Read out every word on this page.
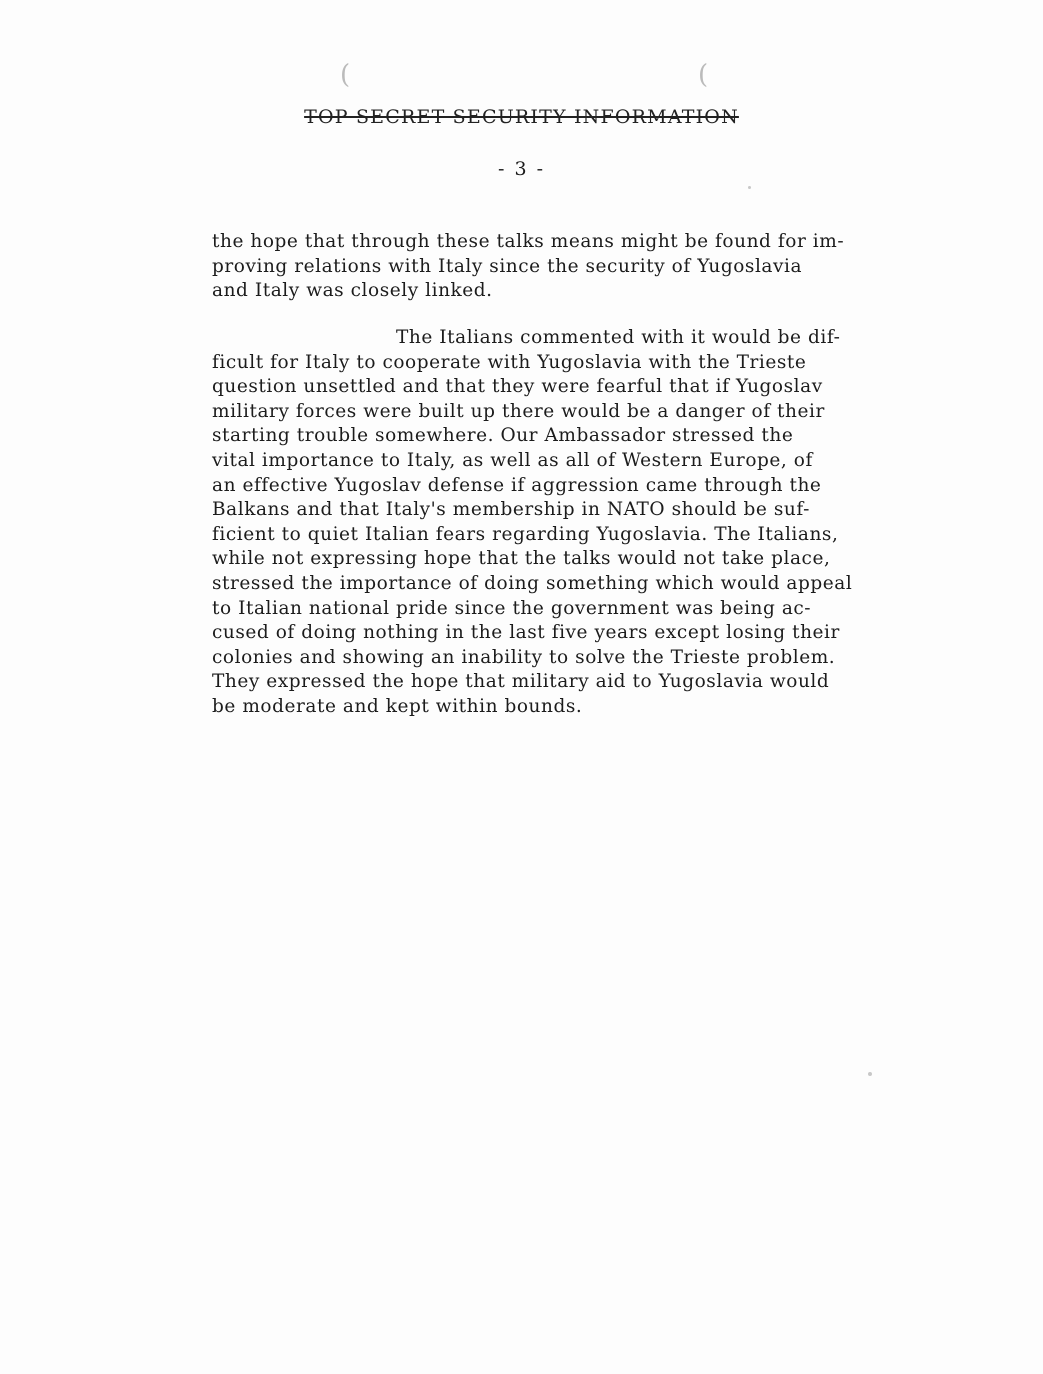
(	(
TOP SECRET SECURITY INFORMATION
- 3 -
the hope that through these talks means might be found for im-
proving relations with Italy since the security of Yugoslavia
and Italy was closely linked.
The Italians commented with it would be dif-
ficult for Italy to cooperate with Yugoslavia with the Trieste
question unsettled and that they were fearful that if Yugoslav
military forces were built up there would be a danger of their
starting trouble somewhere. Our Ambassador stressed the
vital importance to Italy, as well as all of Western Europe, of
an effective Yugoslav defense if aggression came through the
Balkans and that Italy's membership in NATO should be suf-
ficient to quiet Italian fears regarding Yugoslavia. The Italians,
while not expressing hope that the talks would not take place,
stressed the importance of doing something which would appeal
to Italian national pride since the government was being ac-
cused of doing nothing in the last five years except losing their
colonies and showing an inability to solve the Trieste problem.
They expressed the hope that military aid to Yugoslavia would
be moderate and kept within bounds.
